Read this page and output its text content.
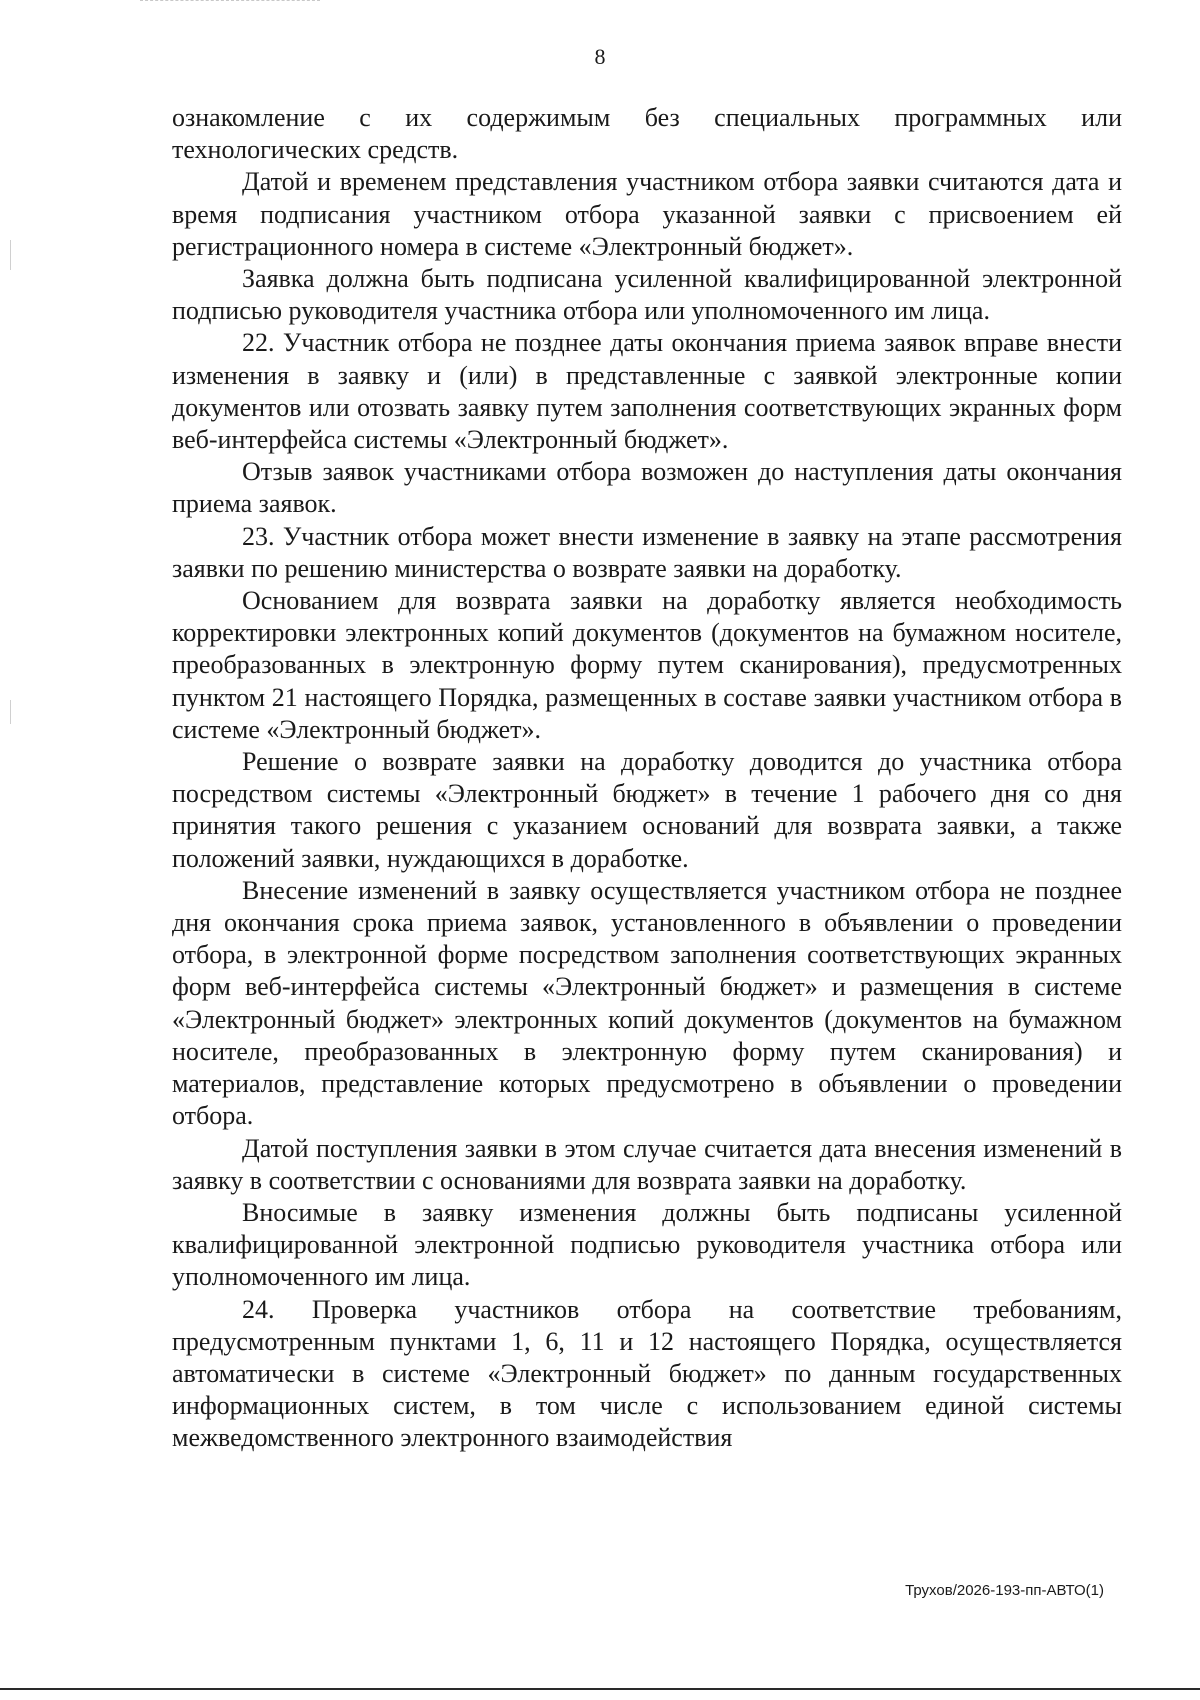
8

ознакомление с их содержимым без специальных программных или технологических средств.

Датой и временем представления участником отбора заявки считаются дата и время подписания участником отбора указанной заявки с присвоением ей регистрационного номера в системе «Электронный бюджет».

Заявка должна быть подписана усиленной квалифицированной электронной подписью руководителя участника отбора или уполномоченного им лица.

22. Участник отбора не позднее даты окончания приема заявок вправе внести изменения в заявку и (или) в представленные с заявкой электронные копии документов или отозвать заявку путем заполнения соответствующих экранных форм веб-интерфейса системы «Электронный бюджет».

Отзыв заявок участниками отбора возможен до наступления даты окончания приема заявок.

23. Участник отбора может внести изменение в заявку на этапе рассмотрения заявки по решению министерства о возврате заявки на доработку.

Основанием для возврата заявки на доработку является необходимость корректировки электронных копий документов (документов на бумажном носителе, преобразованных в электронную форму путем сканирования), предусмотренных пунктом 21 настоящего Порядка, размещенных в составе заявки участником отбора в системе «Электронный бюджет».

Решение о возврате заявки на доработку доводится до участника отбора посредством системы «Электронный бюджет» в течение 1 рабочего дня со дня принятия такого решения с указанием оснований для возврата заявки, а также положений заявки, нуждающихся в доработке.

Внесение изменений в заявку осуществляется участником отбора не позднее дня окончания срока приема заявок, установленного в объявлении о проведении отбора, в электронной форме посредством заполнения соответствующих экранных форм веб-интерфейса системы «Электронный бюджет» и размещения в системе «Электронный бюджет» электронных копий документов (документов на бумажном носителе, преобразованных в электронную форму путем сканирования) и материалов, представление которых предусмотрено в объявлении о проведении отбора.

Датой поступления заявки в этом случае считается дата внесения изменений в заявку в соответствии с основаниями для возврата заявки на доработку.

Вносимые в заявку изменения должны быть подписаны усиленной квалифицированной электронной подписью руководителя участника отбора или уполномоченного им лица.

24. Проверка участников отбора на соответствие требованиям, предусмотренным пунктами 1, 6, 11 и 12 настоящего Порядка, осуществляется автоматически в системе «Электронный бюджет» по данным государственных информационных систем, в том числе с использованием единой системы межведомственного электронного взаимодействия

Трухов/2026-193-пп-АВТО(1)
